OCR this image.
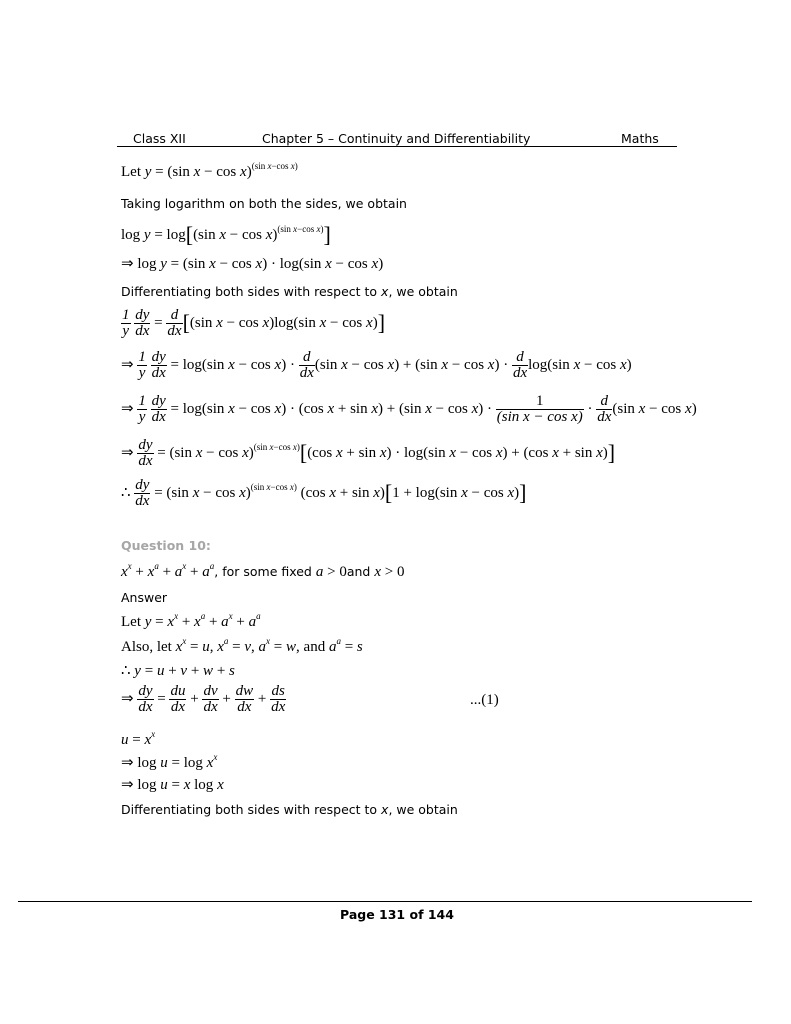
Class XII	Chapter 5 – Continuity and Differentiability	Maths
Let y = (sin x − cos x)$^{(sin x-cos x)}$
Taking logarithm on both the sides, we obtain
log y = log[(sin x − cos x)$^{(sin x-cos x)}$]
⇒ log y = (sin x − cos x) · log(sin x − cos x)
Differentiating both sides with respect to x, we obtain
$\frac{1}{y}$
$\frac{dy}{dx} = \frac{d}{dx} [(\sin$ x − cos x)log(sin x − cos x)]
⇒ $\frac{1}{y}$
$\frac{dy}{dx} = \log(\sin$ $x - \cos x) \cdot \frac{d}{dx} (\sin$ x − cos x) + (sin $x - \cos x) \cdot \frac{d}{dx} \log(\sin$ x − cos x)
⇒ $\frac{1}{y}$
$\frac{dy}{dx} = \log(\sin$ x − cos x) · (cos x + sin x) + (sin $x - \cos x) \cdot \frac{1}{\text{(sin x − cos x)}} \cdot \frac{d}{dx} (\sin$ x − cos x)
⇒ $\frac{dy}{dx} = (\sin$ x − cos x)$^{(sin x-cos x)}$[(cos x + sin x) · log(sin x − cos x) + (cos x + sin x)]
∴ $\frac{dy}{dx} = (\sin$ x − cos x)$^{(sin x-cos x)}$ (cos x + sin x)[1 + log(sin x − cos x)]
Question 10:
$x^x + x^a + a^x + a^a$, for some fixed a > 0and x > 0
Answer
Let $y = x^x + x^a + a^x + a^a$
Also, let $x^x = u$, $x^a = v$, $a^x = w$, and $a^a = s$
∴ y = u + v + w + s
⇒ $\frac{dy}{dx} = \frac{du}{dx} + \frac{dv}{dx} + \frac{dw}{dx} + \frac{ds}{dx}$	...(1)
$u = x^x$
⇒ $\log u = \log x^x$
⇒ log u = x log x
Differentiating both sides with respect to x, we obtain
Page 131 of 144
